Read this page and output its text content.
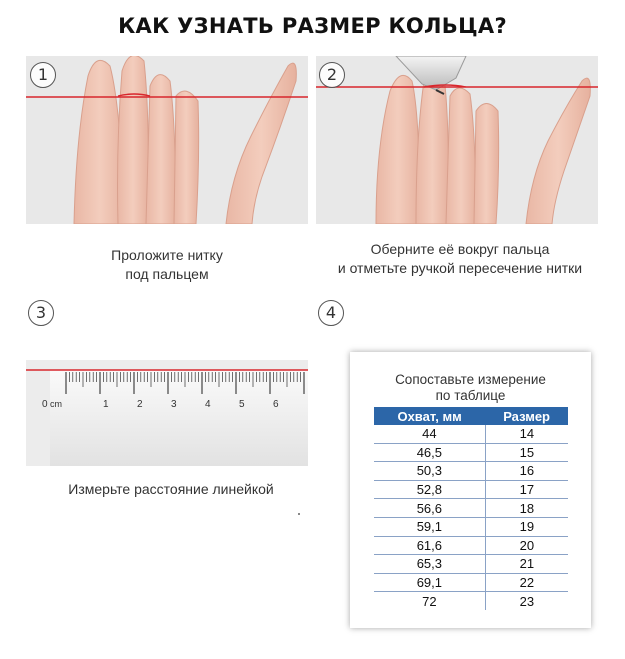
КАК УЗНАТЬ РАЗМЕР КОЛЬЦА?
1	2
Проложите нитку
под пальцем
Оберните её вокруг пальца
и отметьте ручкой пересечение нитки
3	4
0	1	2	3	4	5	6
cm
Измерьте расстояние линейкой
Сопоставьте измерение
по таблице
Охват, мм	Размер
44	14
46,5	15
50,3	16
52,8	17
56,6	18
59,1	19
61,6	20
65,3	21
69,1	22
72	23
